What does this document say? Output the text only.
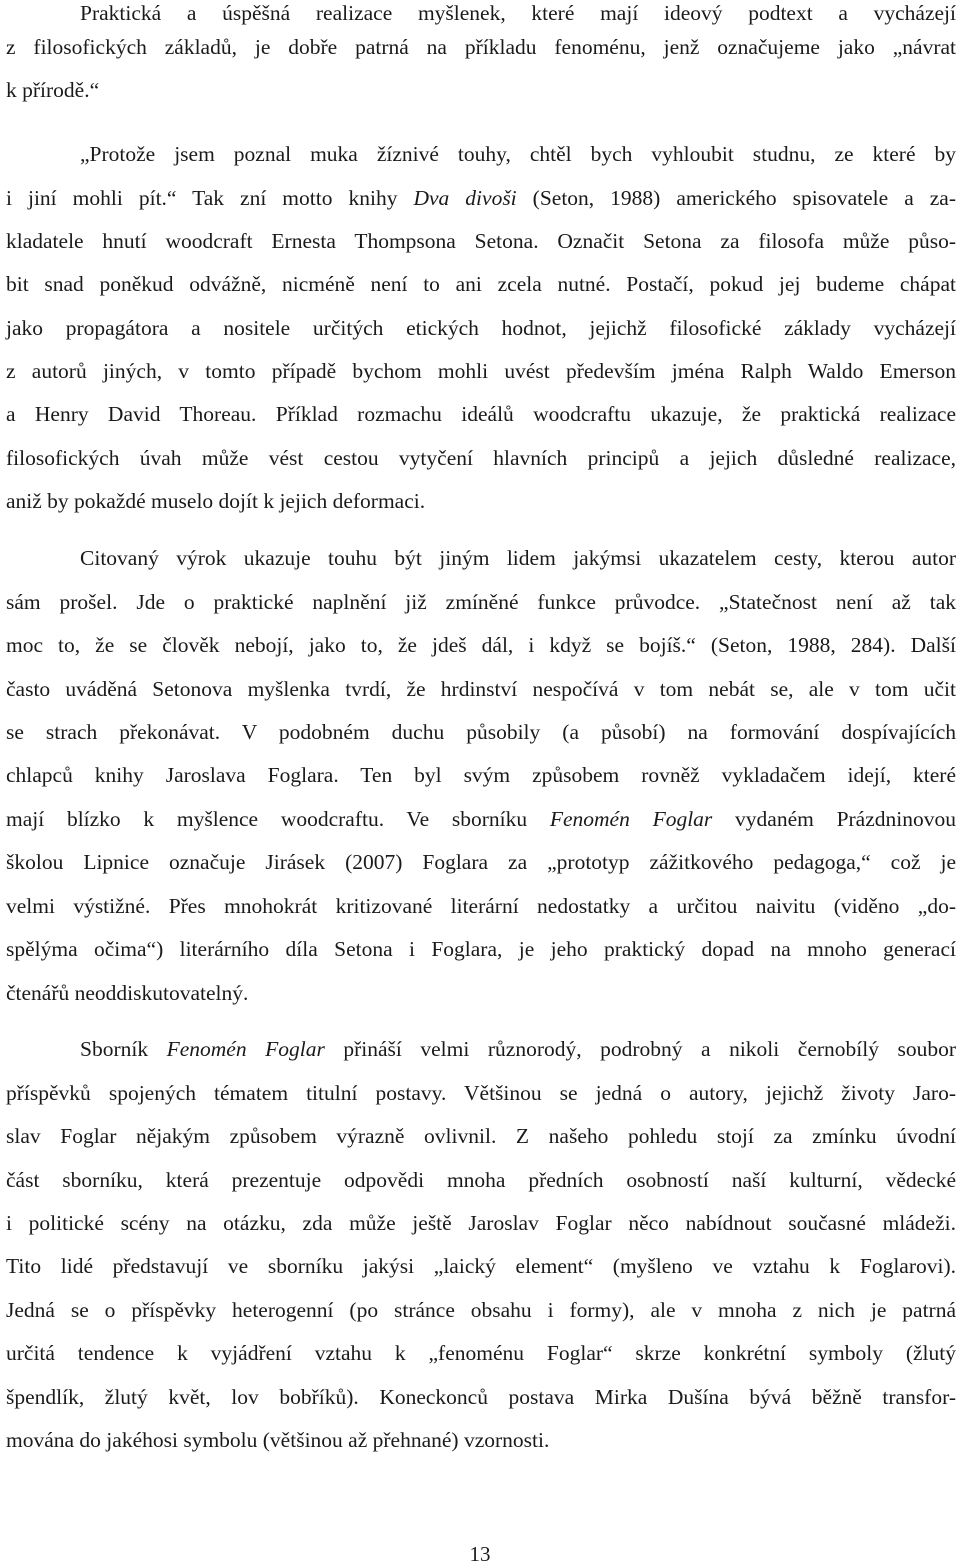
Praktická a úspěšná realizace myšlenek, které mají ideový podtext a vycházejí
z filosofických základů, je dobře patrná na příkladu fenoménu, jenž označujeme jako „návrat
k přírodě.“
„Protože jsem poznal muka žíznivé touhy, chtěl bych vyhloubit studnu, ze které by
i jiní mohli pít.“ Tak zní motto knihy Dva divoši (Seton, 1988) amerického spisovatele a za-
kladatele hnutí woodcraft Ernesta Thompsona Setona. Označit Setona za filosofa může půso-
bit snad poněkud odvážně, nicméně není to ani zcela nutné. Postačí, pokud jej budeme chápat
jako propagátora a nositele určitých etických hodnot, jejichž filosofické základy vycházejí
z autorů jiných, v tomto případě bychom mohli uvést především jména Ralph Waldo Emerson
a Henry David Thoreau. Příklad rozmachu ideálů woodcraftu ukazuje, že praktická realizace
filosofických úvah může vést cestou vytyčení hlavních principů a jejich důsledné realizace,
aniž by pokaždé muselo dojít k jejich deformaci.
Citovaný výrok ukazuje touhu být jiným lidem jakýmsi ukazatelem cesty, kterou autor
sám prošel. Jde o praktické naplnění již zmíněné funkce průvodce. „Statečnost není až tak
moc to, že se člověk nebojí, jako to, že jdeš dál, i když se bojíš.“ (Seton, 1988, 284). Další
často uváděná Setonova myšlenka tvrdí, že hrdinství nespočívá v tom nebát se, ale v tom učit
se strach překonávat. V podobném duchu působily (a působí) na formování dospívajících
chlapců knihy Jaroslava Foglara. Ten byl svým způsobem rovněž vykladačem idejí, které
mají blízko k myšlence woodcraftu. Ve sborníku Fenomén Foglar vydaném Prázdninovou
školou Lipnice označuje Jirásek (2007) Foglara za „prototyp zážitkového pedagoga,“ což je
velmi výstižné. Přes mnohokrát kritizované literární nedostatky a určitou naivitu (viděno „do-
spělýma očima“) literárního díla Setona i Foglara, je jeho praktický dopad na mnoho generací
čtenářů neoddiskutovatelný.
Sborník Fenomén Foglar přináší velmi různorodý, podrobný a nikoli černobílý soubor
příspěvků spojených tématem titulní postavy. Většinou se jedná o autory, jejichž životy Jaro-
slav Foglar nějakým způsobem výrazně ovlivnil. Z našeho pohledu stojí za zmínku úvodní
část sborníku, která prezentuje odpovědi mnoha předních osobností naší kulturní, vědecké
i politické scény na otázku, zda může ještě Jaroslav Foglar něco nabídnout současné mládeži.
Tito lidé představují ve sborníku jakýsi „laický element“ (myšleno ve vztahu k Foglarovi).
Jedná se o příspěvky heterogenní (po stránce obsahu i formy), ale v mnoha z nich je patrná
určitá tendence k vyjádření vztahu k „fenoménu Foglar“ skrze konkrétní symboly (žlutý
špendlík, žlutý květ, lov bobříků). Koneckonců postava Mirka Dušína bývá běžně transfor-
mována do jakéhosi symbolu (většinou až přehnané) vzornosti.
13
